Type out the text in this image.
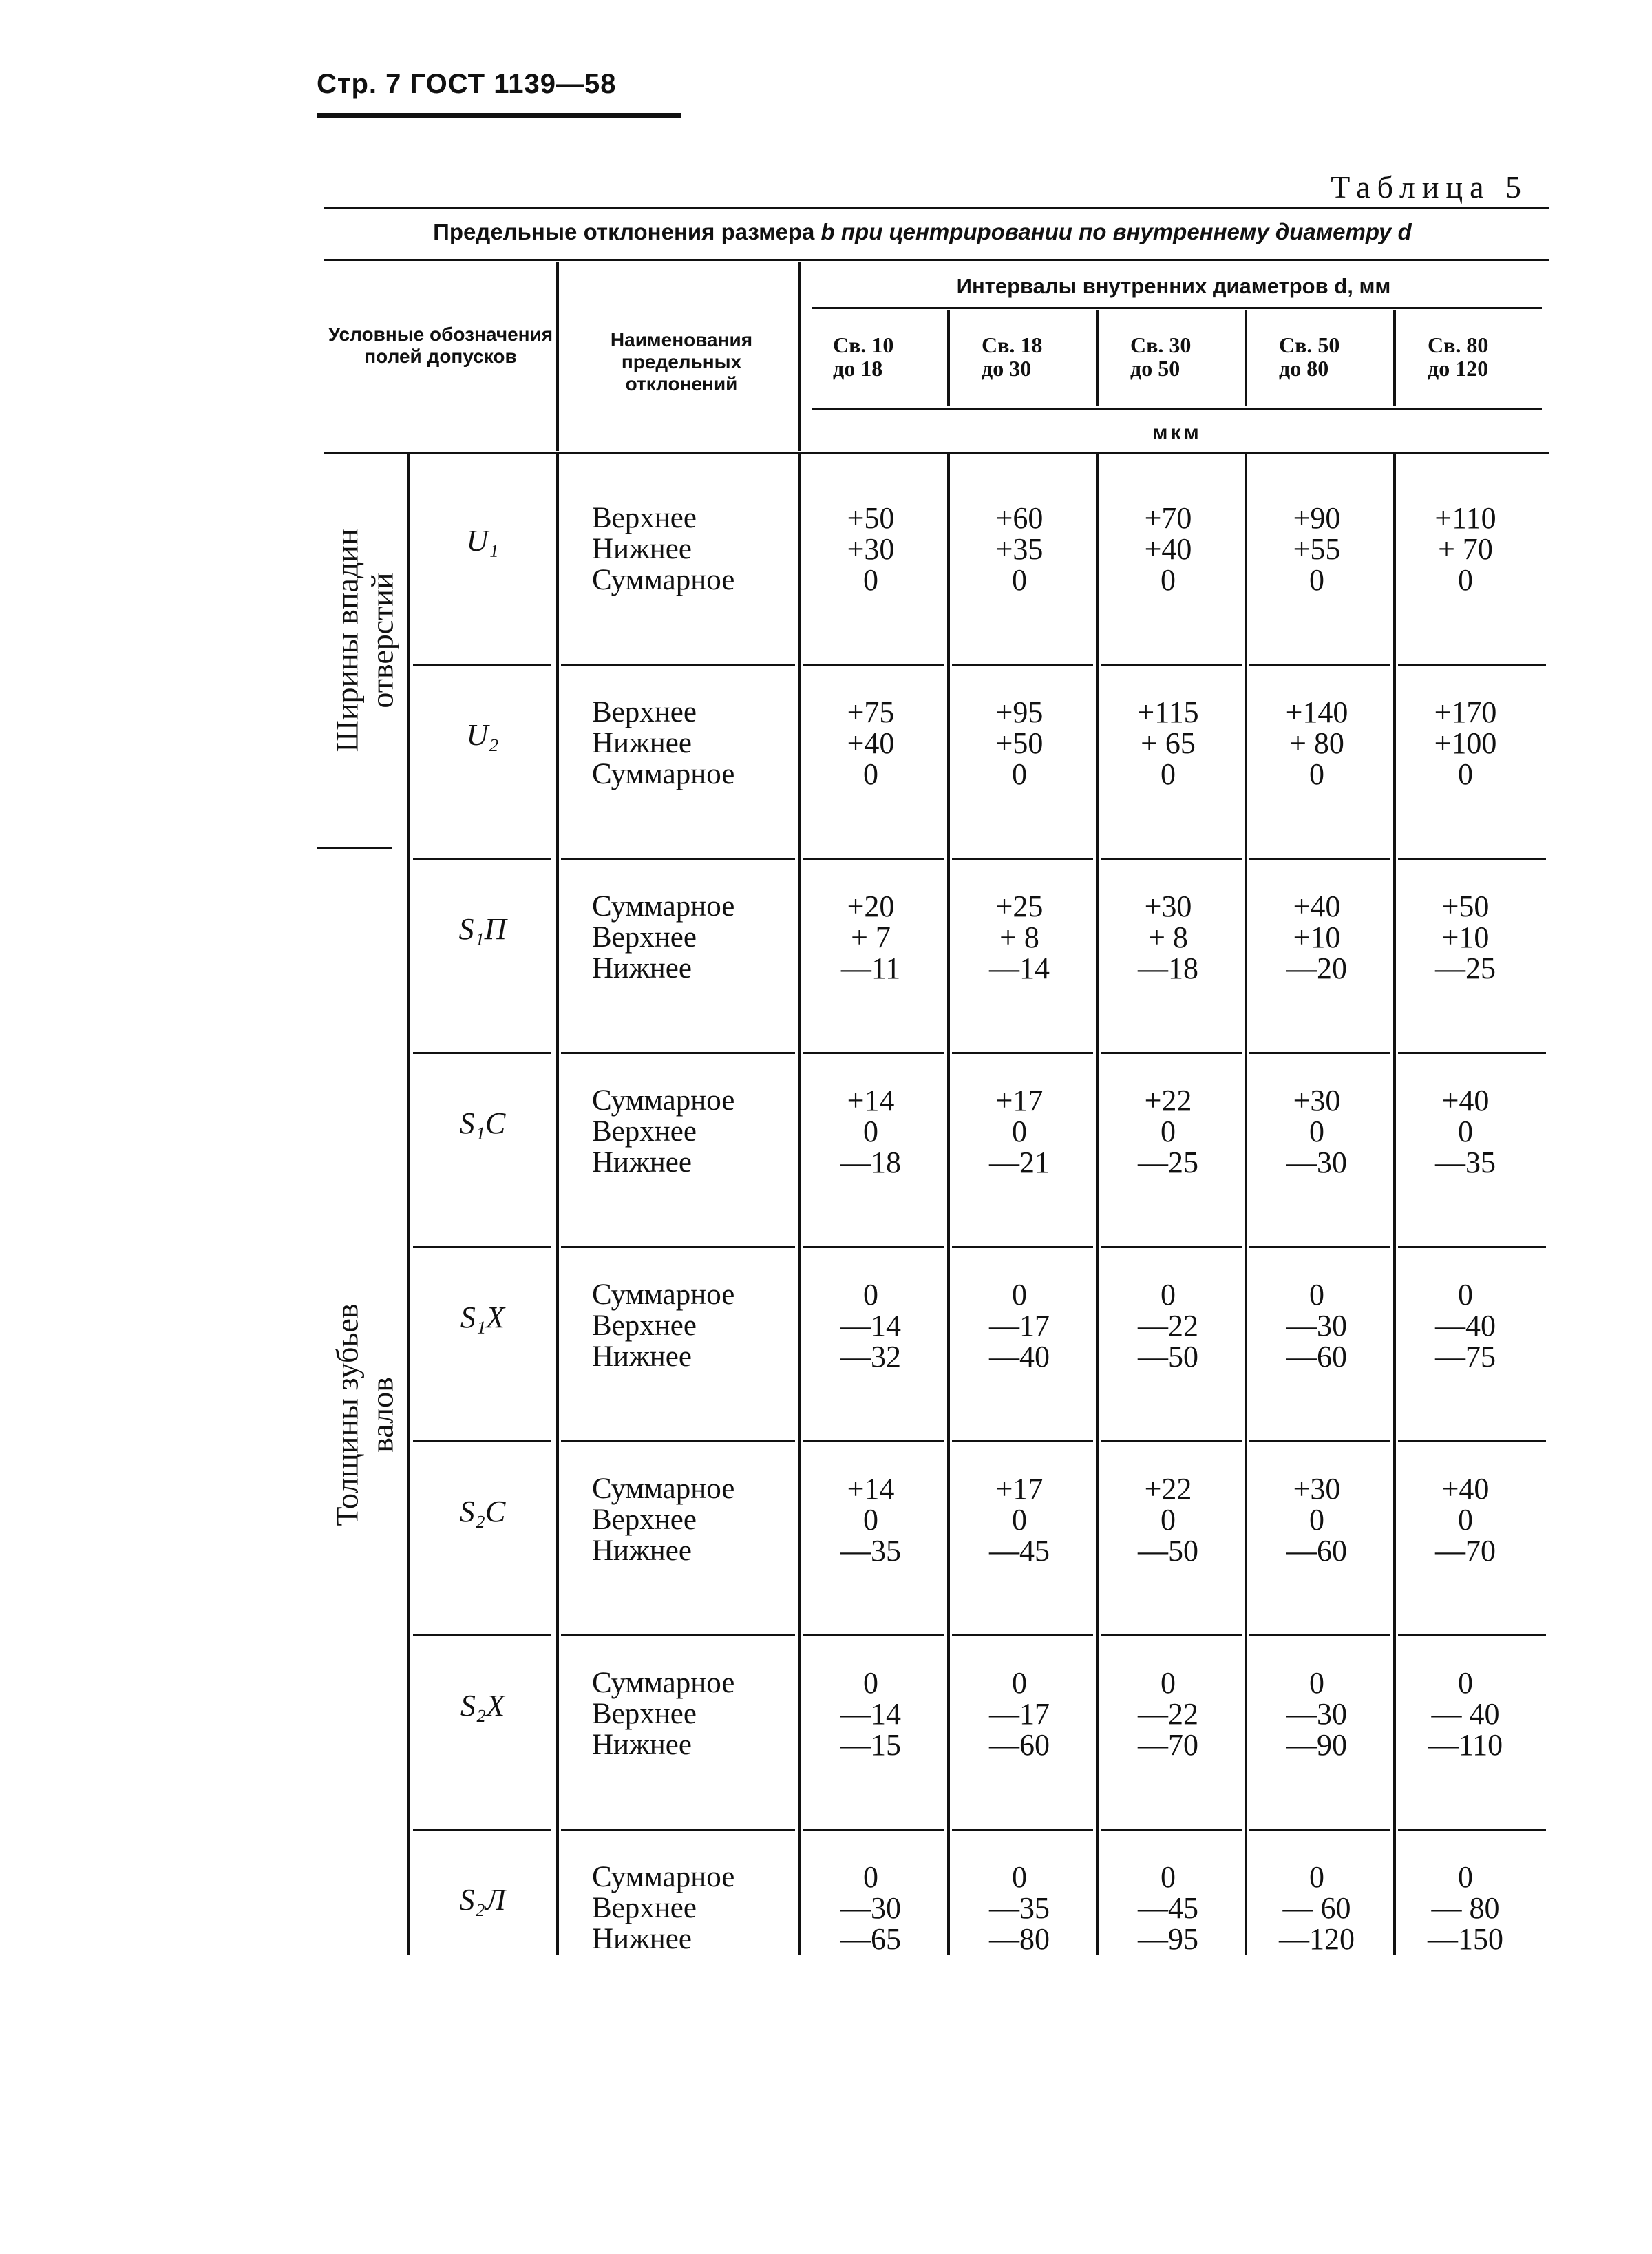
Стр. 7 ГОСТ 1139—58
Таблица 5
Предельные отклонения размера b при центрировании по внутреннему диаметру d
Условные обозначения полей допусков
Наименования предельных отклонений
Интервалы внутренних диаметров d, мм
Св. 10
до 18
Св. 18
до 30
Св. 30
до 50
Св. 50
до 80
Св. 80
до 120
мкм
Ширины впадин
отверстий
Толщины зубьев
валов
U₁
Верхнее
Нижнее
Суммарное
+50
+30
0
+60
+35
0
+70
+40
0
+90
+55
0
+110
+ 70
0
U₂
Верхнее
Нижнее
Суммарное
+75
+40
0
+95
+50
0
+115
+ 65
0
+140
+ 80
0
+170
+100
0
S₁П
Суммарное
Верхнее
Нижнее
+20
+ 7
—11
+25
+ 8
—14
+30
+ 8
—18
+40
+10
—20
+50
+10
—25
S₁C
Суммарное
Верхнее
Нижнее
+14
0
—18
+17
0
—21
+22
0
—25
+30
0
—30
+40
0
—35
S₁X
Суммарное
Верхнее
Нижнее
0
—14
—32
0
—17
—40
0
—22
—50
0
—30
—60
0
—40
—75
S₂C
Суммарное
Верхнее
Нижнее
+14
0
—35
+17
0
—45
+22
0
—50
+30
0
—60
+40
0
—70
S₂X
Суммарное
Верхнее
Нижнее
0
—14
—15
0
—17
—60
0
—22
—70
0
—30
—90
0
— 40
—110
S₂Л
Суммарное
Верхнее
Нижнее
0
—30
—65
0
—35
—80
0
—45
—95
0
— 60
—120
0
— 80
—150
